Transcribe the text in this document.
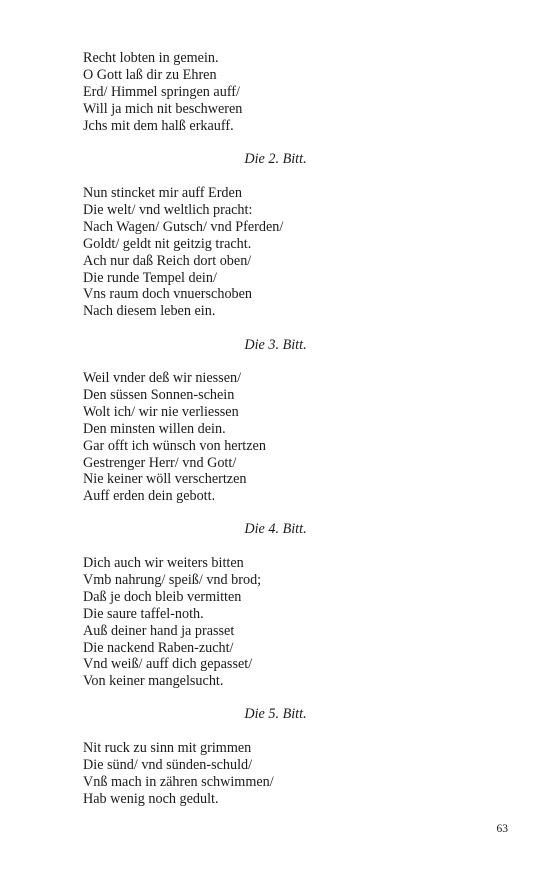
Recht lobten in gemein.
O Gott laß dir zu Ehren
Erd/ Himmel springen auff/
Will ja mich nit beschweren
Jchs mit dem halß erkauff.
Die 2. Bitt.
Nun stincket mir auff Erden
Die welt/ vnd weltlich pracht:
Nach Wagen/ Gutsch/ vnd Pferden/
Goldt/ geldt nit geitzig tracht.
Ach nur daß Reich dort oben/
Die runde Tempel dein/
Vns raum doch vnuerschoben
Nach diesem leben ein.
Die 3. Bitt.
Weil vnder deß wir niessen/
Den süssen Sonnen-schein
Wolt ich/ wir nie verliessen
Den minsten willen dein.
Gar offt ich wünsch von hertzen
Gestrenger Herr/ vnd Gott/
Nie keiner wöll verschertzen
Auff erden dein gebott.
Die 4. Bitt.
Dich auch wir weiters bitten
Vmb nahrung/ speiß/ vnd brod;
Daß je doch bleib vermitten
Die saure taffel-noth.
Auß deiner hand ja prasset
Die nackend Raben-zucht/
Vnd weiß/ auff dich gepasset/
Von keiner mangelsucht.
Die 5. Bitt.
Nit ruck zu sinn mit grimmen
Die sünd/ vnd sünden-schuld/
Vnß mach in zähren schwimmen/
Hab wenig noch gedult.
63
